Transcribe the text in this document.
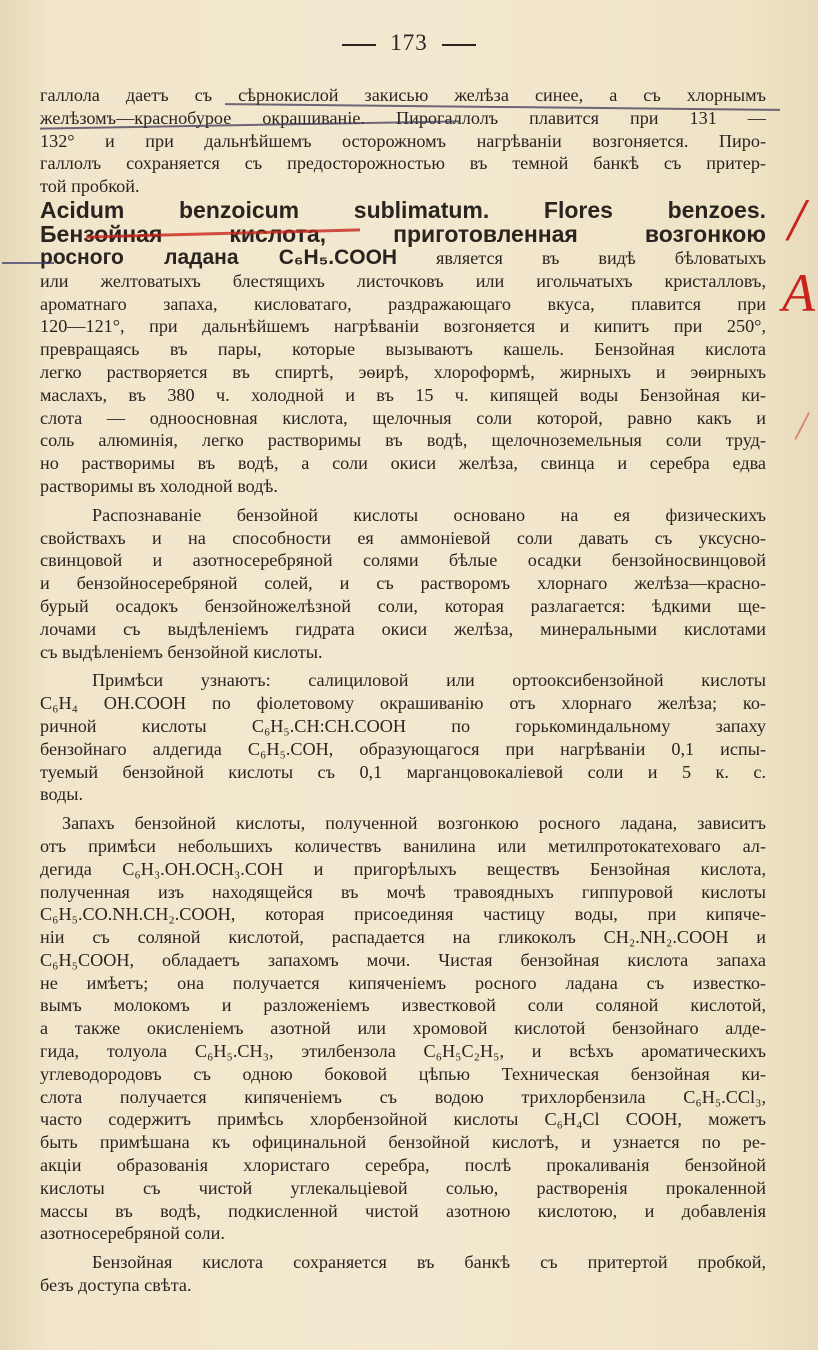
173
галлола даетъ съ сѣрнокислой закисью желѣза синее, а съ хлорнымъ
желѣзомъ—краснобурое окрашиванiе. Пирогаллолъ плавится при 131 —
132° и при дальнѣйшемъ осторожномъ нагрѣванiи возгоняется. Пиро-
галлолъ сохраняется съ предосторожностью въ темной банкѣ съ притер-
той пробкой.
Acidum benzoicum sublimatum. Flores benzoes.
Бензойная кислота, приготовленная возгонкою
росного ладана C₆H₅.COOH является въ видѣ бѣловатыхъ
или желтоватыхъ блестящихъ листочковъ или игольчатыхъ кристалловъ,
ароматнаго запаха, кисловатаго, раздражающаго вкуса, плавится при
120—121°, при дальнѣйшемъ нагрѣванiи возгоняется и кипитъ при 250°,
превращаясь въ пары, которые вызываютъ кашель. Бензойная кислота
легко растворяется въ спиртѣ, эѳирѣ, хлороформѣ, жирныхъ и эѳирныхъ
маслахъ, въ 380 ч. холодной и въ 15 ч. кипящей воды Бензойная ки-
слота — одноосновная кислота, щелочныя соли которой, равно какъ и
соль алюминiя, легко растворимы въ водѣ, щелочноземельныя соли труд-
но растворимы въ водѣ, а соли окиси желѣза, свинца и серебра едва
растворимы въ холодной водѣ.
Распознаванiе бензойной кислоты основано на ея физическихъ
свойствахъ и на способности ея аммонiевой соли давать съ уксусно-
свинцовой и азотносеребряной солями бѣлые осадки бензойносвинцовой
и бензойносеребряной солей, и съ растворомъ хлорнаго желѣза—красно-
бурый осадокъ бензойножелѣзной соли, которая разлагается: ѣдкими ще-
лочами съ выдѣленiемъ гидрата окиси желѣза, минеральными кислотами
съ выдѣленiемъ бензойной кислоты.
Примѣси узнаютъ: салициловой или ортооксибензойной кислоты
C₆H₄ OH.COOH по фiолетовому окрашиванiю отъ хлорнаго желѣза; ко-
ричной кислоты C₆H₅.CH:CH.COOH по горькоминдальному запаху
бензойнаго алдегида C₆H₅.COH, образующагося при нагрѣванiи 0,1 испы-
туемый бензойной кислоты съ 0,1 марганцовокалiевой соли и 5 к. с.
воды.
Запахъ бензойной кислоты, полученной возгонкою росного ладана, зависитъ
отъ примѣси небольшихъ количествъ ванилина или метилпротокатеховаго ал-
дегида C₆H₃.OH.OCH₃.COH и пригорѣлыхъ веществъ Бензойная кислота,
полученная изъ находящейся въ мочѣ травоядныхъ гиппуровой кислоты
C₆H₅.CO.NH.CH₂.COOH, которая присоединяя частицу воды, при кипяче-
нiи съ соляной кислотой, распадается на гликоколъ CH₂.NH₂.COOH и
C₆H₅COOH, обладаетъ запахомъ мочи. Чистая бензойная кислота запаха
не имѣетъ; она получается кипяченiемъ росного ладана съ известко-
вымъ молокомъ и разложенiемъ известковой соли соляной кислотой,
а также окисленiемъ азотной или хромовой кислотой бензойнаго алде-
гида, толуола C₆H₅.CH₃, этилбензола C₆H₅C₂H₅, и всѣхъ ароматическихъ
углеводородовъ съ одною боковой цѣпью Техническая бензойная ки-
слота получается кипяченiемъ съ водою трихлорбензила C₆H₅.CCl₃,
часто содержитъ примѣсь хлорбензойной кислоты C₆H₄Cl COOH, можетъ
быть примѣшана къ официнальной бензойной кислотѣ, и узнается по ре-
акцiи образованiя хлористаго серебра, послѣ прокаливанiя бензойной
кислоты съ чистой углекальцiевой солью, растворенiя прокаленной
массы въ водѣ, подкисленной чистой азотною кислотою, и добавленiя
азотносеребряной соли.
Бензойная кислота сохраняется въ банкѣ съ притертой пробкой,
безъ доступа свѣта.
/
A
/
